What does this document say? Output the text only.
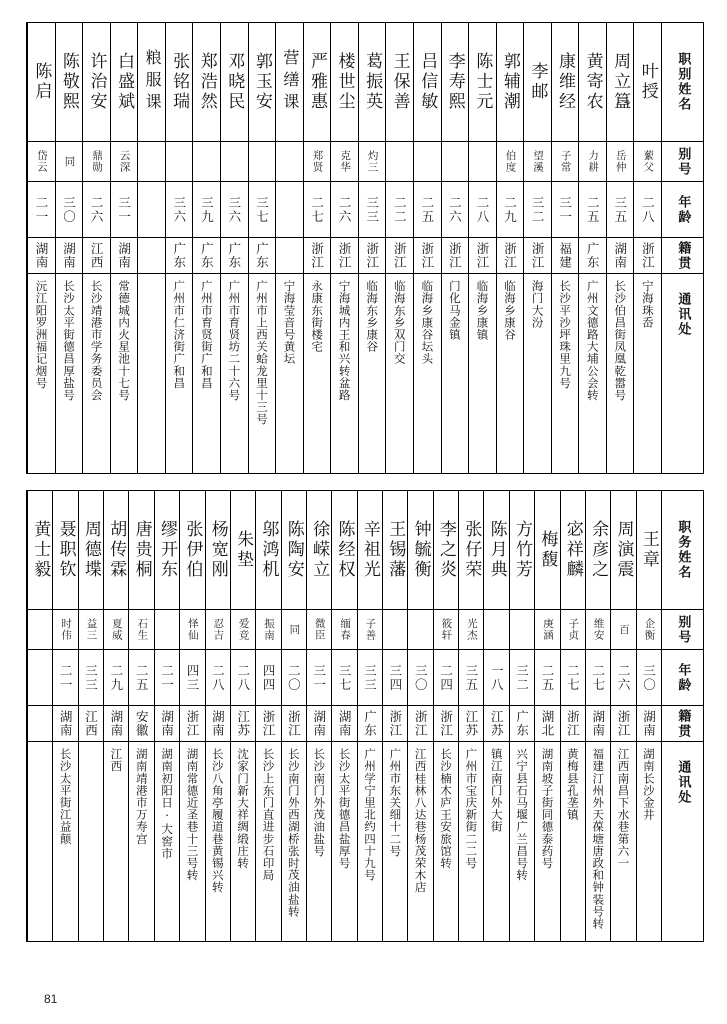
职别姓名
别号
年龄
籍贯
通讯处
叶授
蕠父
二八
浙江
宁海珠岙
周立簋
岳仲
三五
湖南
长沙伯昌街凤凰乾嚣号
黄寄农
力耕
二五
广东
广州文德路大埔公会转
康维经
子常
三一
福建
长沙平沙坪珠里九号
李邮
望溪
三二
浙江
海门大汾
郭辅潮
伯度
二九
浙江
临海乡康谷
陈士元
二八
浙江
临海乡康镇
李寿熙
二六
浙江
门化马金镇
吕信敏
二五
浙江
临海乡康谷坛头
王保善
二二
浙江
临海东乡双门交
葛振英
灼三
三三
浙江
临海东乡康谷
楼世尘
克华
二六
浙江
宁海城内王和兴转盆路
严雅惠
郑贤
二七
浙江
永康东街楼宅
营缮课
宁海莹音号黄坛
郭玉安
三七
广东
广州市上西关蛤龙里十三号
邓晓民
三六
广东
广州市育贤坊二十六号
郑浩然
三九
广东
广州市育贤街广和昌
张铭瑞
三六
广东
广州市仁济街广和昌
粮服课
白盛斌
云深
三一
湖南
常德城内火星池十七号
许治安
鼎勋
二六
江西
长沙靖港市学务委员会
陈敬熙
同
三〇
湖南
长沙太平街德昌厚盐号
陈启
岱云
二一
湖南
沅江阳罗洲福记烟号
职务姓名
别号
年龄
籍贯
通讯处
王章
企衡
三〇
湖南
湖南长沙金井
周演震
百
二六
浙江
江西南昌下水巷第六一
余彦之
维安
二七
湖南
福建汀州外天葆塘唐政和钟装号转
宓祥麟
子贞
二七
浙江
黄梅县孔垄镇
梅馥
庚涵
二五
湖北
湖南坡子街同德泰药号
方竹芳
三二
广东
兴宁县石马堰广兰昌号转
陈月典
一八
江苏
镇江南门外大街
张仔荣
光杰
三五
江苏
广州市宝庆新街二二号
李之炎
筱轩
二四
浙江
长沙楠木庐王安旅馆转
钟毓衡
三〇
浙江
江西桂林八达巷杨茂荣木店
王锡藩
三四
浙江
广州市东关细十二号
辛祖光
子善
三三
广东
广州学宁里北约四十九号
陈经权
缅春
三七
湖南
长沙太平街德昌盐厚号
徐嵘立
微臣
三一
湖南
长沙南门外茂油盐号
陈陶安
同
二〇
浙江
长沙南门外西湖桥张时茂油盐转
邬鸿机
振南
四四
浙江
长沙上东门直进步石印局
朱垫
爱竞
二八
江苏
沈家门新大祥绸缎庄转
杨宽刚
忍吉
二八
湖南
长沙八角亭履道巷黄锡兴转
张伊伯
怿仙
四三
浙江
湖南常德近圣巷十三号转
缪开东
二一
湖南
湖南初阳日·大窖市
唐贵桐
石生
二五
安徽
湖南靖港市万寿宫
胡传霖
夏威
二九
湖南
江西
周德堞
益三
三三
江西
聂职钦
时伟
二一
湖南
长沙太平街江益颠
黄士毅
81
